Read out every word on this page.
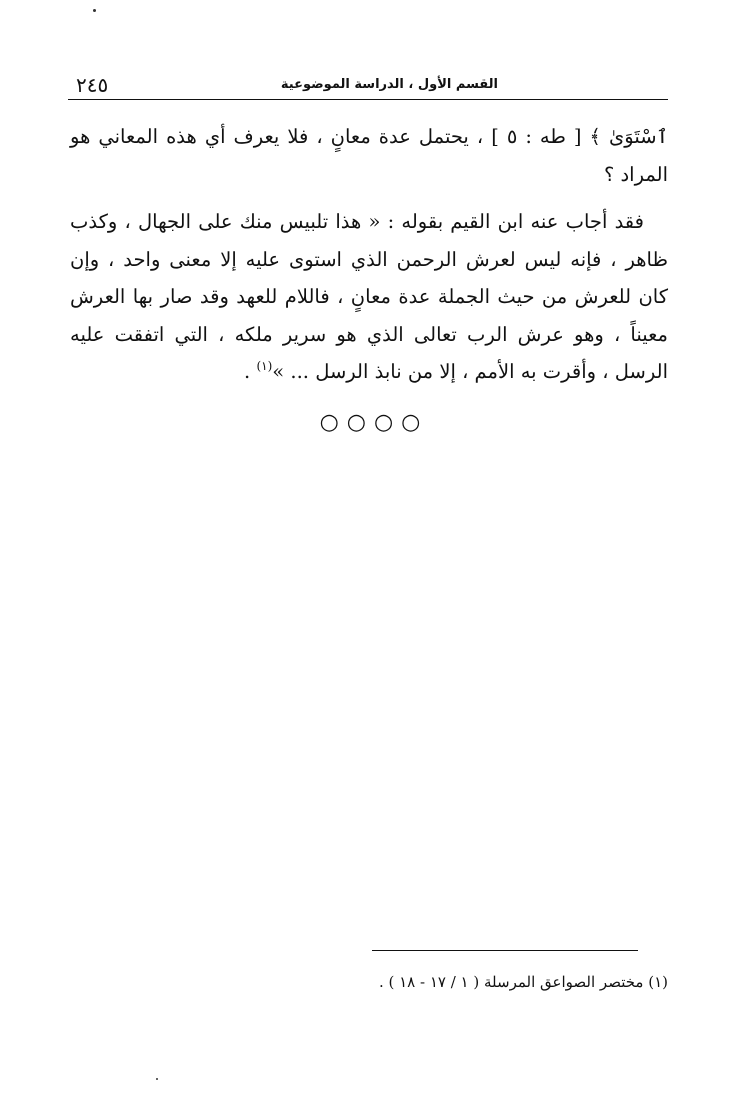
القسم الأول ، الدراسة الموضوعية
٢٤٥

ٱسْتَوَىٰ ﴾ [ طه : ٥ ] ، يحتمل عدة معانٍ ، فلا يعرف أي هذه المعاني هو المراد ؟

فقد أجاب عنه ابن القيم بقوله : « هذا تلبيس منك على الجهال ، وكذب ظاهر ، فإنه ليس لعرش الرحمن الذي استوى عليه إلا معنى واحد ، وإن كان للعرش من حيث الجملة عدة معانٍ ، فاللام للعهد وقد صار بها العرش معيناً ، وهو عرش الرب تعالى الذي هو سرير ملكه ، التي اتفقت عليه الرسل ، وأقرت به الأمم ، إلا من نابذ الرسل ... »$^{(١)}$ .

○○○○
(١) مختصر الصواعق المرسلة ( ١ / ١٧ - ١٨ ) .
